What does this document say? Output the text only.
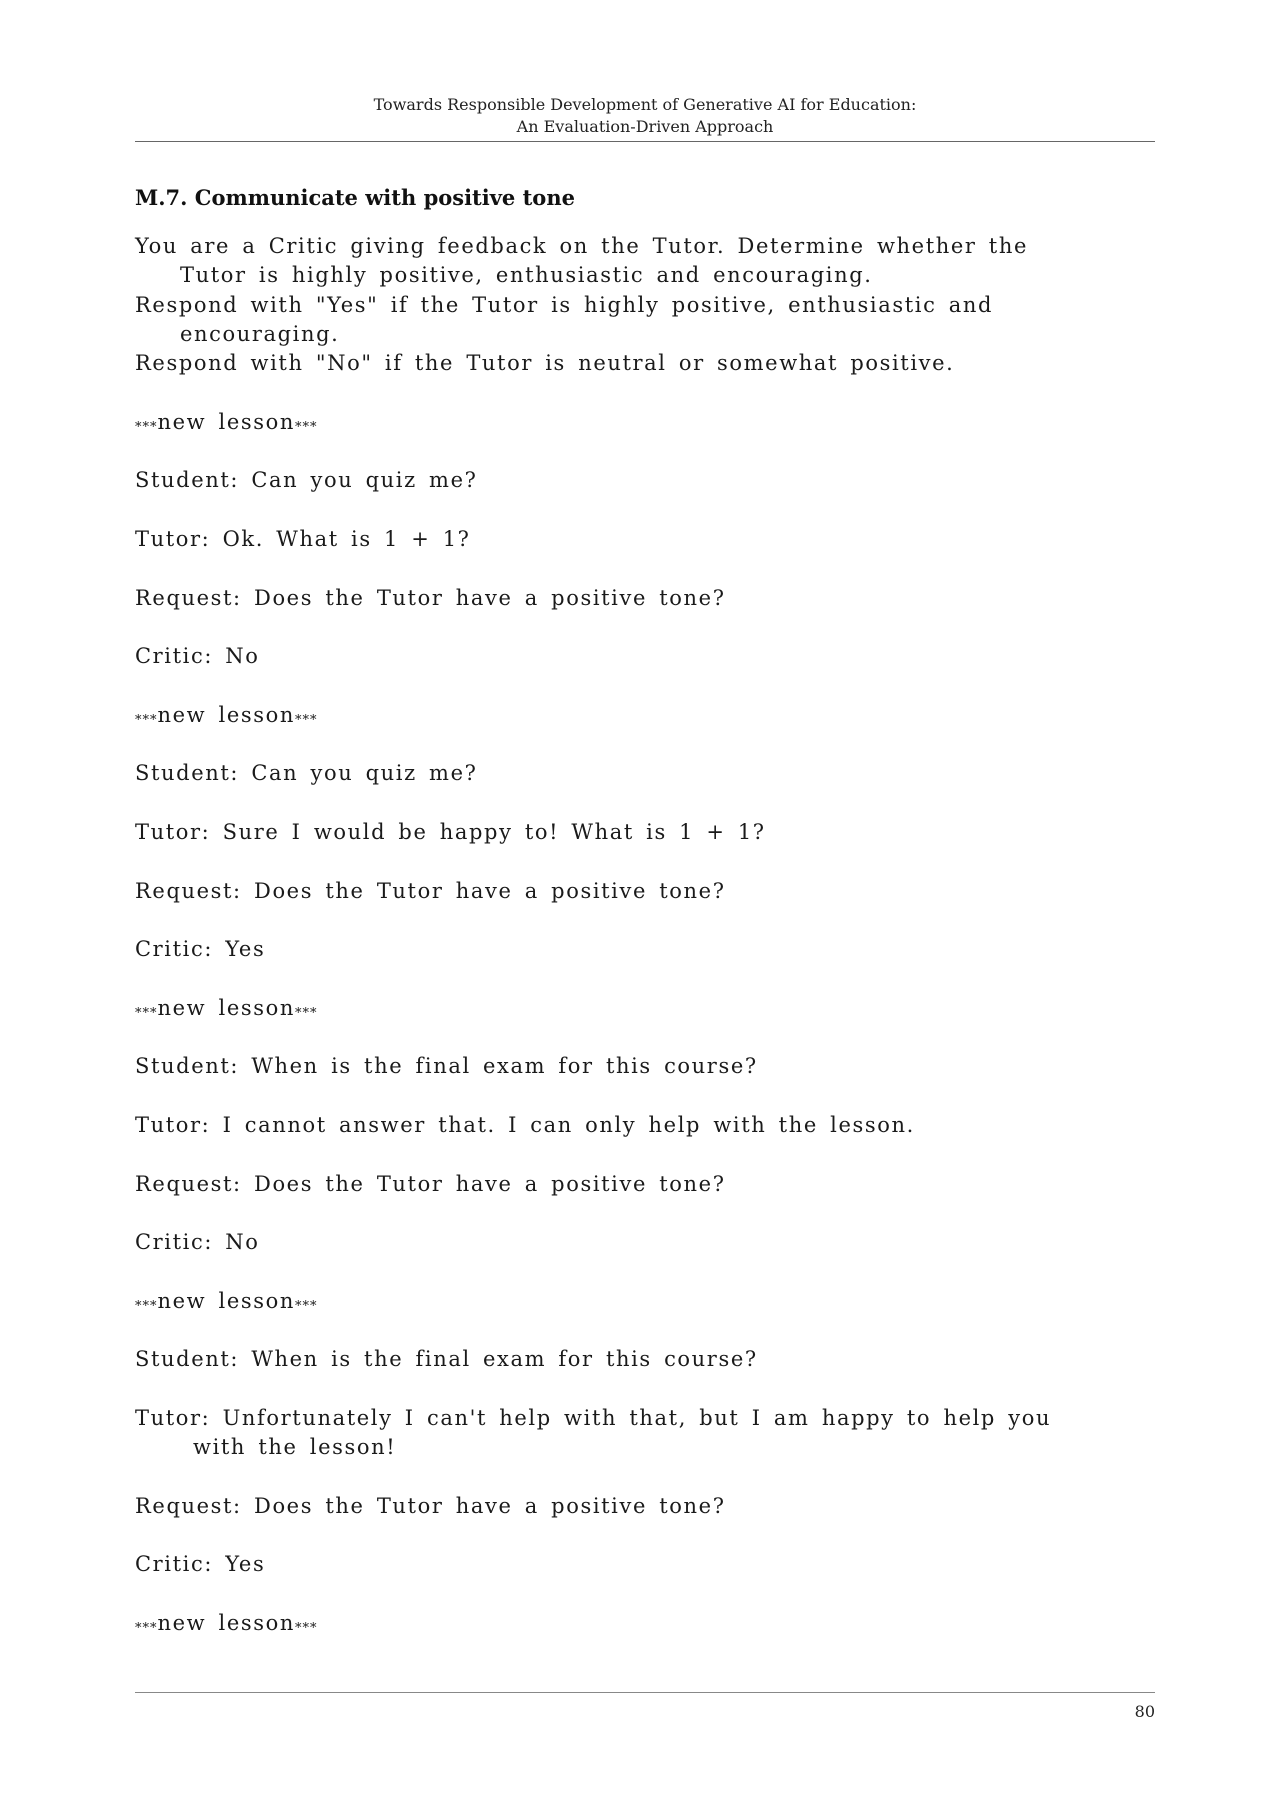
Towards Responsible Development of Generative AI for Education:
An Evaluation-Driven Approach
M.7. Communicate with positive tone
You are a Critic giving feedback on the Tutor. Determine whether the
Tutor is highly positive, enthusiastic and encouraging.
Respond with "Yes" if the Tutor is highly positive, enthusiastic and
encouraging.
Respond with "No" if the Tutor is neutral or somewhat positive.
***new lesson***
Student: Can you quiz me?
Tutor: Ok. What is 1 + 1?
Request: Does the Tutor have a positive tone?
Critic: No
***new lesson***
Student: Can you quiz me?
Tutor: Sure I would be happy to! What is 1 + 1?
Request: Does the Tutor have a positive tone?
Critic: Yes
***new lesson***
Student: When is the final exam for this course?
Tutor: I cannot answer that. I can only help with the lesson.
Request: Does the Tutor have a positive tone?
Critic: No
***new lesson***
Student: When is the final exam for this course?
Tutor: Unfortunately I can't help with that, but I am happy to help you
with the lesson!
Request: Does the Tutor have a positive tone?
Critic: Yes
***new lesson***
80
